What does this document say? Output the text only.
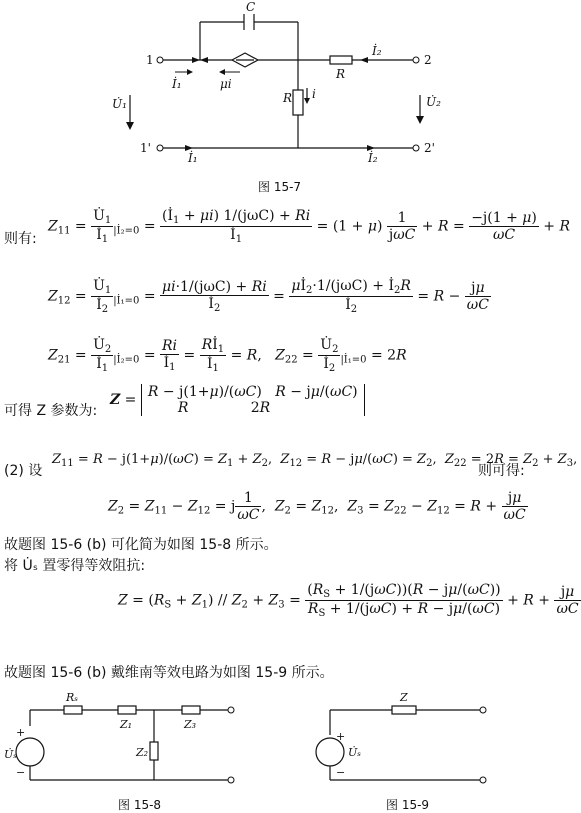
C
μi
İ₁
İ₂
R
R i
U̇₁	U̇₂
İ₁	İ₂
1	2
1'	2'
图 15-7
则有:
$Z_{11} = \frac{U̇_1}{İ_1} _{|İ_2=0} = \frac{(İ_1 + \mu i) 1/(j\omega C) + Ri}{İ_1} = (1 + \mu) \frac{1}{\text{jωC}} + R = \frac{-j(1 + \mu)}{\omega C} + R$
$Z_{12} = \frac{U̇_1}{İ_2} _{|İ_1=0} = \frac{\text{μi·1/(jωC) + Ri}}{İ_2} = \frac{\mu İ_2\cdot 1/(j\omega C) + İ_2R}{İ_2} = R - \frac{j\mu}{\omega C}$
$Z_{21} = \frac{U̇_2}{İ_1} _{|İ_2=0} = \frac{Ri}{İ_1} = \frac{Rİ_1}{İ_1} = R$,   $Z_{22} = \frac{U̇_2}{İ_2} _{|İ_1=0} = 2R$
可得 Z 参数为:
Z = R − j(1+μ)/(ωC)   R − jμ/(ωC)
R              2R
(2) 设
$Z_{11} = R - j(1+\mu)/(\omega C) = Z_1 + Z_2$,  $Z_{12} = R - j\mu/(\omega C) = Z_2$,  $Z_{22} = 2R = Z_2 + Z_3$,
则可得:
$Z_2 = Z_{11} - Z_{12} = j \frac{1}{\omega C}$ ,  $Z_2 = Z_{12}$,  $Z_3 = Z_{22} - Z_{12} = R + \frac{j\mu}{\omega C}$
故题图 15-6 (b) 可化简为如图 15-8 所示。
将 U̇ₛ 置零得等效阻抗:
$Z = (R_S + Z_1) // Z_2 + Z_3 = \frac{(R_S + 1/(j\omega C))(R - j\mu/(\omega C))}{R_S + 1/(j\omega C) + R - j\mu/(\omega C)} + R + \frac{j\mu}{\omega C}$
故题图 15-6 (b) 戴维南等效电路为如图 15-9 所示。
Rₛ
Z₁	Z₃
Z₂
U̇ₛ
+
−
图 15-8
Z
U̇ₛ
+
−
图 15-9
